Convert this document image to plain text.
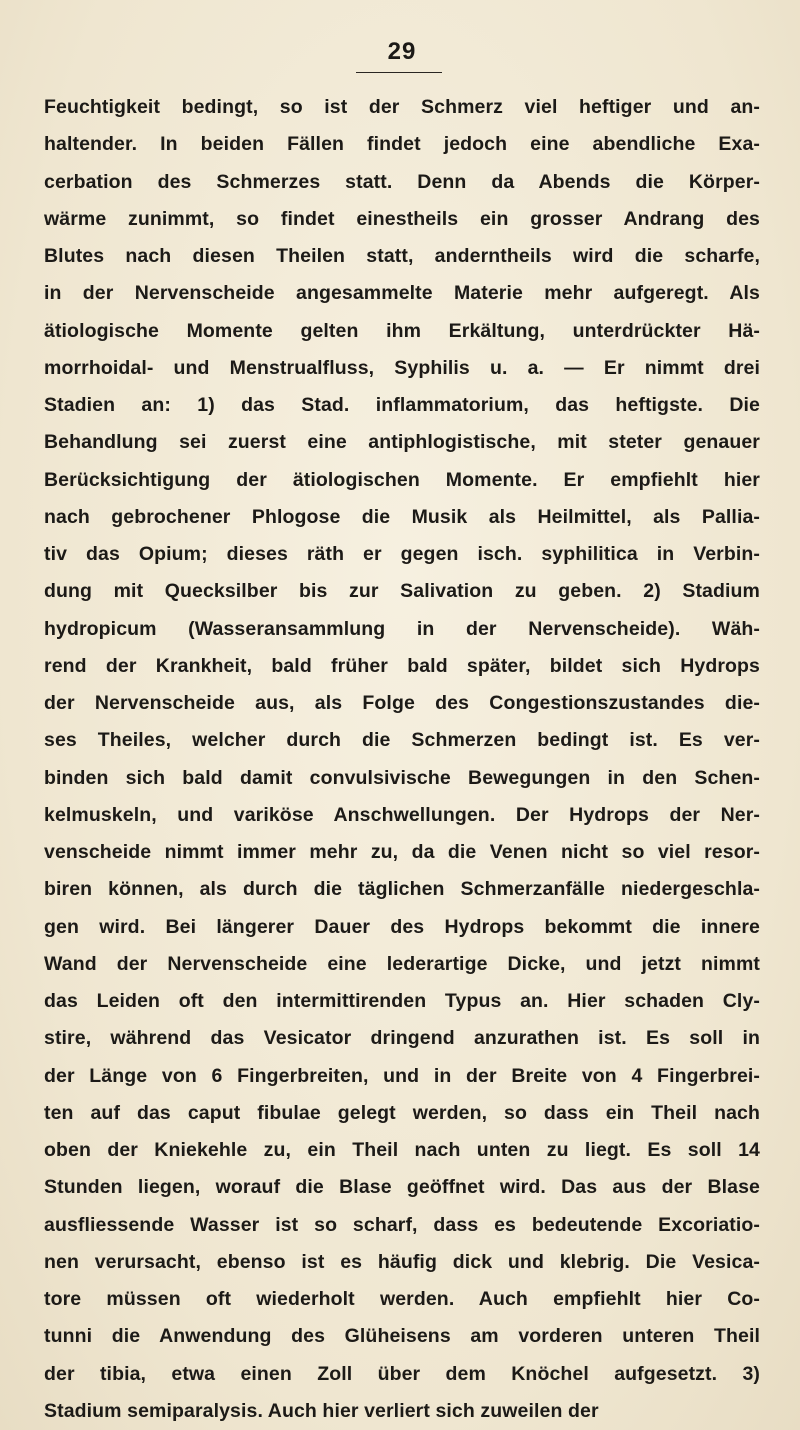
29
Feuchtigkeit bedingt, so ist der Schmerz viel heftiger und an-
haltender. In beiden Fällen findet jedoch eine abendliche Exa-
cerbation des Schmerzes statt. Denn da Abends die Körper-
wärme zunimmt, so findet einestheils ein grosser Andrang des
Blutes nach diesen Theilen statt, anderntheils wird die scharfe,
in der Nervenscheide angesammelte Materie mehr aufgeregt. Als
ätiologische Momente gelten ihm Erkältung, unterdrückter Hä-
morrhoidal- und Menstrualfluss, Syphilis u. a. — Er nimmt drei
Stadien an: 1) das Stad. inflammatorium, das heftigste. Die
Behandlung sei zuerst eine antiphlogistische, mit steter genauer
Berücksichtigung der ätiologischen Momente. Er empfiehlt hier
nach gebrochener Phlogose die Musik als Heilmittel, als Pallia-
tiv das Opium; dieses räth er gegen isch. syphilitica in Verbin-
dung mit Quecksilber bis zur Salivation zu geben. 2) Stadium
hydropicum (Wasseransammlung in der Nervenscheide). Wäh-
rend der Krankheit, bald früher bald später, bildet sich Hydrops
der Nervenscheide aus, als Folge des Congestionszustandes die-
ses Theiles, welcher durch die Schmerzen bedingt ist. Es ver-
binden sich bald damit convulsivische Bewegungen in den Schen-
kelmuskeln, und varikӧse Anschwellungen. Der Hydrops der Ner-
venscheide nimmt immer mehr zu, da die Venen nicht so viel resor-
biren können, als durch die täglichen Schmerzanfälle niedergeschla-
gen wird. Bei längerer Dauer des Hydrops bekommt die innere
Wand der Nervenscheide eine lederartige Dicke, und jetzt nimmt
das Leiden oft den intermittirenden Typus an. Hier schaden Cly-
stire, während das Vesicator dringend anzurathen ist. Es soll in
der Länge von 6 Fingerbreiten, und in der Breite von 4 Fingerbrei-
ten auf das caput fibulae gelegt werden, so dass ein Theil nach
oben der Kniekehle zu, ein Theil nach unten zu liegt. Es soll 14
Stunden liegen, worauf die Blase geöffnet wird. Das aus der Blase
ausfliessende Wasser ist so scharf, dass es bedeutende Excoriatio-
nen verursacht, ebenso ist es häufig dick und klebrig. Die Vesica-
tore müssen oft wiederholt werden. Auch empfiehlt hier Co-
tunni die Anwendung des Glüheisens am vorderen unteren Theil
der tibia, etwa einen Zoll über dem Knöchel aufgesetzt. 3)
Stadium semiparalysis. Auch hier verliert sich zuweilen der
